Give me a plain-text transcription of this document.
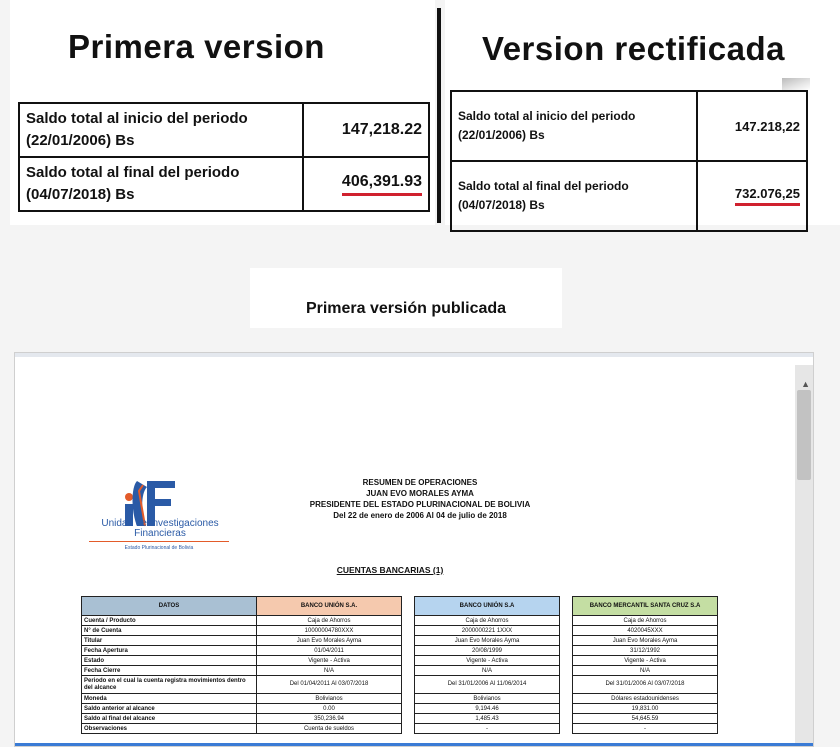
Primera version	Version rectificada
Saldo total al inicio del periodo
(22/01/2006) Bs	147,218.22
Saldo total al final del periodo
(04/07/2018) Bs	406,391.93
Saldo total al inicio del periodo
(22/01/2006) Bs	147.218,22
Saldo total al final del periodo
(04/07/2018) Bs	732.076,25
Primera versión publicada
▲
Unidad de Investigaciones
Financieras
Estado Plurinacional de Bolivia
RESUMEN DE OPERACIONES
JUAN EVO MORALES AYMA
PRESIDENTE DEL ESTADO PLURINACIONAL DE BOLIVIA
Del 22 de enero de 2006 Al 04 de julio de 2018
CUENTAS BANCARIAS (1)
DATOS	BANCO UNIÓN S.A.		BANCO UNIÓN S.A		BANCO MERCANTIL SANTA CRUZ S.A
Cuenta / Producto	Caja de Ahorros		Caja de Ahorros		Caja de Ahorros
N° de Cuenta	10000004780XXX		2000000221 1XXX		4020045XXX
Titular	Juan Evo Morales Ayma		Juan Evo Morales Ayma		Juan Evo Morales Ayma
Fecha Apertura	01/04/2011		20/08/1999		31/12/1992
Estado	Vigente - Activa		Vigente - Activa		Vigente - Activa
Fecha Cierre	N/A		N/A		N/A
Periodo en el cual la cuenta registra movimientos dentro del alcance	Del 01/04/2011 Al 03/07/2018		Del 31/01/2006 Al 11/06/2014		Del 31/01/2006 Al 03/07/2018
Moneda	Bolivianos		Bolivianos		Dólares estadounidenses
Saldo anterior al alcance	0.00		9,194.46		19,831.00
Saldo al final del alcance	350,236.94		1,485.43		54,645.59
Observaciones	Cuenta de sueldos		-		-
